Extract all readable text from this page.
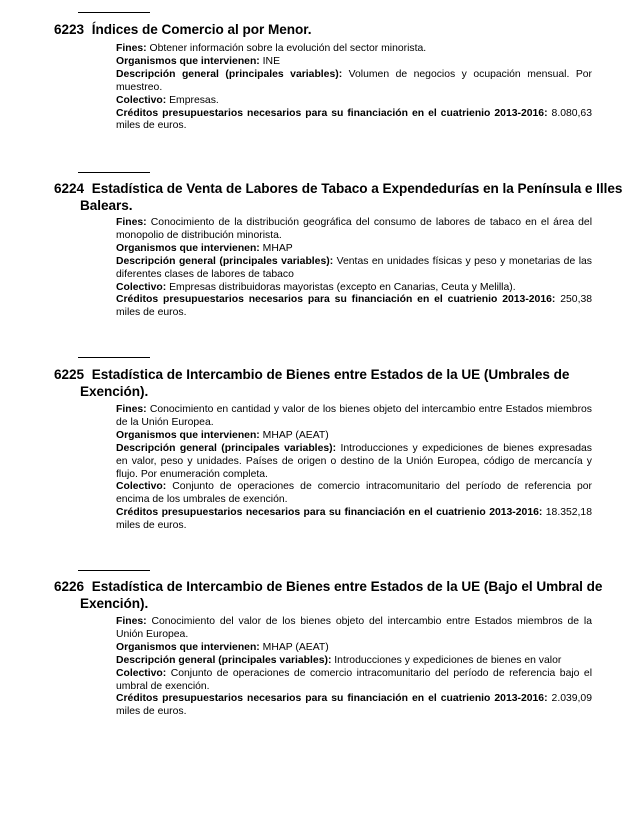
6223 Índices de Comercio al por Menor.

Fines: Obtener información sobre la evolución del sector minorista.

Organismos que intervienen: INE

Descripción general (principales variables): Volumen de negocios y ocupación mensual. Por muestreo.

Colectivo: Empresas.

Créditos presupuestarios necesarios para su financiación en el cuatrienio 2013-2016: 8.080,63 miles de euros.

6224 Estadística de Venta de Labores de Tabaco a Expendedurías en la Península e Illes Balears.

Fines: Conocimiento de la distribución geográfica del consumo de labores de tabaco en el área del monopolio de distribución minorista.

Organismos que intervienen: MHAP

Descripción general (principales variables): Ventas en unidades físicas y peso y monetarias de las diferentes clases de labores de tabaco

Colectivo: Empresas distribuidoras mayoristas (excepto en Canarias, Ceuta y Melilla).

Créditos presupuestarios necesarios para su financiación en el cuatrienio 2013-2016: 250,38 miles de euros.

6225 Estadística de Intercambio de Bienes entre Estados de la UE (Umbrales de Exención).

Fines: Conocimiento en cantidad y valor de los bienes objeto del intercambio entre Estados miembros de la Unión Europea.

Organismos que intervienen: MHAP (AEAT)

Descripción general (principales variables): Introducciones y expediciones de bienes expresadas en valor, peso y unidades. Países de origen o destino de la Unión Europea, código de mercancía y flujo. Por enumeración completa.

Colectivo: Conjunto de operaciones de comercio intracomunitario del período de referencia por encima de los umbrales de exención.

Créditos presupuestarios necesarios para su financiación en el cuatrienio 2013-2016: 18.352,18 miles de euros.

6226 Estadística de Intercambio de Bienes entre Estados de la UE (Bajo el Umbral de Exención).

Fines: Conocimiento del valor de los bienes objeto del intercambio entre Estados miembros de la Unión Europea.

Organismos que intervienen: MHAP (AEAT)

Descripción general (principales variables): Introducciones y expediciones de bienes en valor

Colectivo: Conjunto de operaciones de comercio intracomunitario del período de referencia bajo el umbral de exención.

Créditos presupuestarios necesarios para su financiación en el cuatrienio 2013-2016: 2.039,09 miles de euros.
